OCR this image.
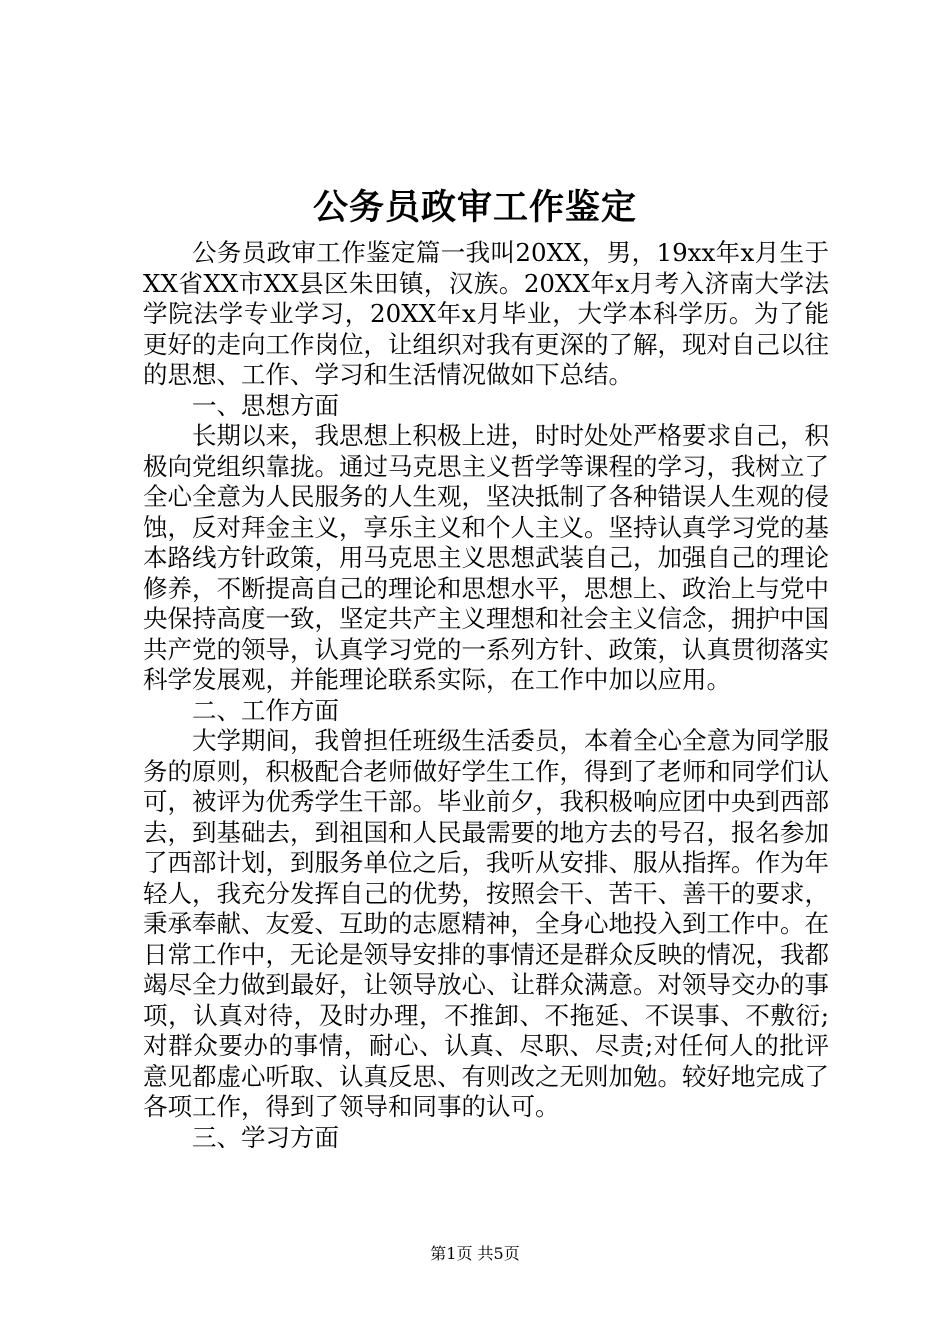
公务员政审工作鉴定

公务员政审工作鉴定篇一我叫20XX，男，19xx年x月生于XX省XX市XX县区朱田镇，汉族。20XX年x月考入济南大学法学院法学专业学习，20XX年x月毕业，大学本科学历。为了能更好的走向工作岗位，让组织对我有更深的了解，现对自己以往的思想、工作、学习和生活情况做如下总结。

一、思想方面

长期以来，我思想上积极上进，时时处处严格要求自己，积极向党组织靠拢。通过马克思主义哲学等课程的学习，我树立了全心全意为人民服务的人生观，坚决抵制了各种错误人生观的侵蚀，反对拜金主义，享乐主义和个人主义。坚持认真学习党的基本路线方针政策，用马克思主义思想武装自己，加强自己的理论修养，不断提高自己的理论和思想水平，思想上、政治上与党中央保持高度一致，坚定共产主义理想和社会主义信念，拥护中国共产党的领导，认真学习党的一系列方针、政策，认真贯彻落实科学发展观，并能理论联系实际，在工作中加以应用。

二、工作方面

大学期间，我曾担任班级生活委员，本着全心全意为同学服务的原则，积极配合老师做好学生工作，得到了老师和同学们认可，被评为优秀学生干部。毕业前夕，我积极响应团中央到西部去，到基础去，到祖国和人民最需要的地方去的号召，报名参加了西部计划，到服务单位之后，我听从安排、服从指挥。作为年轻人，我充分发挥自己的优势，按照会干、苦干、善干的要求，秉承奉献、友爱、互助的志愿精神，全身心地投入到工作中。在日常工作中，无论是领导安排的事情还是群众反映的情况，我都竭尽全力做到最好，让领导放心、让群众满意。对领导交办的事项，认真对待，及时办理，不推卸、不拖延、不误事、不敷衍;对群众要办的事情，耐心、认真、尽职、尽责;对任何人的批评意见都虚心听取、认真反思、有则改之无则加勉。较好地完成了各项工作，得到了领导和同事的认可。

三、学习方面

第1页 共5页
